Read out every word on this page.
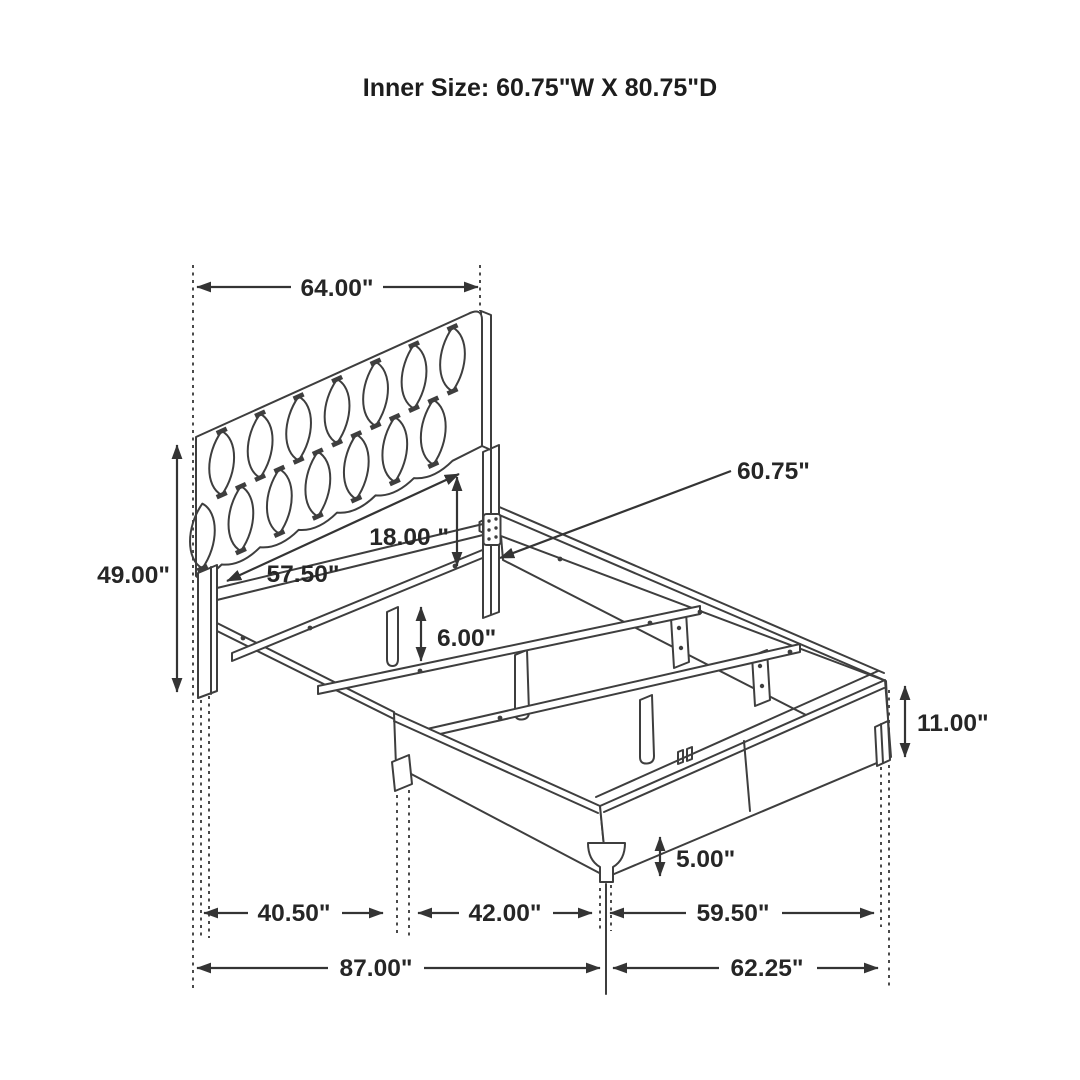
64.00"
49.00"	57.50"
18.00 "
60.75"
6.00"
11.00"
5.00"
40.50"	42.00"	59.50"
87.00"	62.25"
Inner Size: 60.75"W X 80.75"D
